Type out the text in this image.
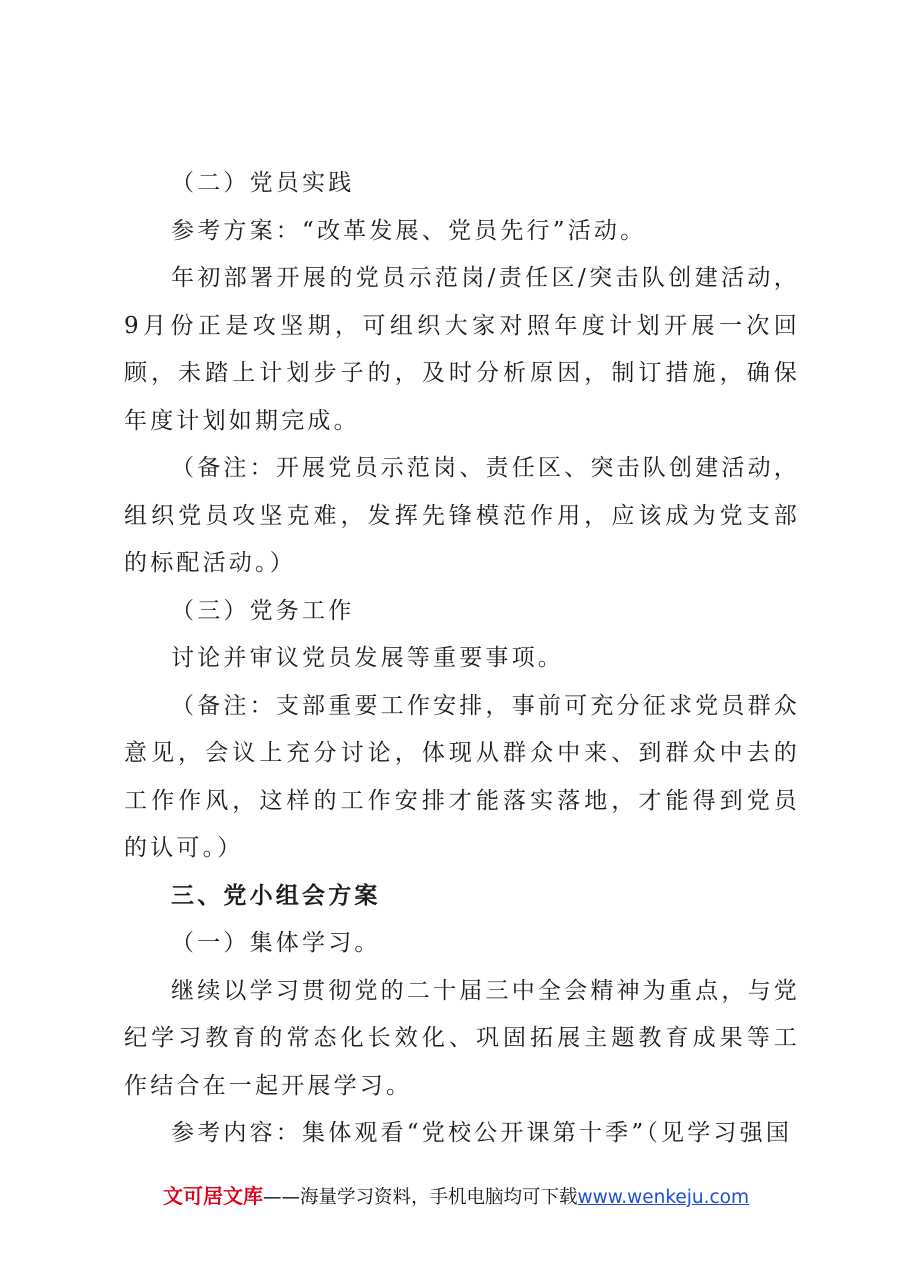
（二）党员实践

参考方案：“改革发展、党员先行”活动。

年初部署开展的党员示范岗/责任区/突击队创建活动，9月份正是攻坚期，可组织大家对照年度计划开展一次回顾，未踏上计划步子的，及时分析原因，制订措施，确保年度计划如期完成。

（备注：开展党员示范岗、责任区、突击队创建活动，组织党员攻坚克难，发挥先锋模范作用，应该成为党支部的标配活动。）

（三）党务工作

讨论并审议党员发展等重要事项。

（备注：支部重要工作安排，事前可充分征求党员群众意见，会议上充分讨论，体现从群众中来、到群众中去的工作作风，这样的工作安排才能落实落地，才能得到党员的认可。）

三、党小组会方案

（一）集体学习。

继续以学习贯彻党的二十届三中全会精神为重点，与党纪学习教育的常态化长效化、巩固拓展主题教育成果等工作结合在一起开展学习。

参考内容：集体观看“党校公开课第十季”（见学习强国

文可居文库——海量学习资料，手机电脑均可下载www.wenkeju.com
